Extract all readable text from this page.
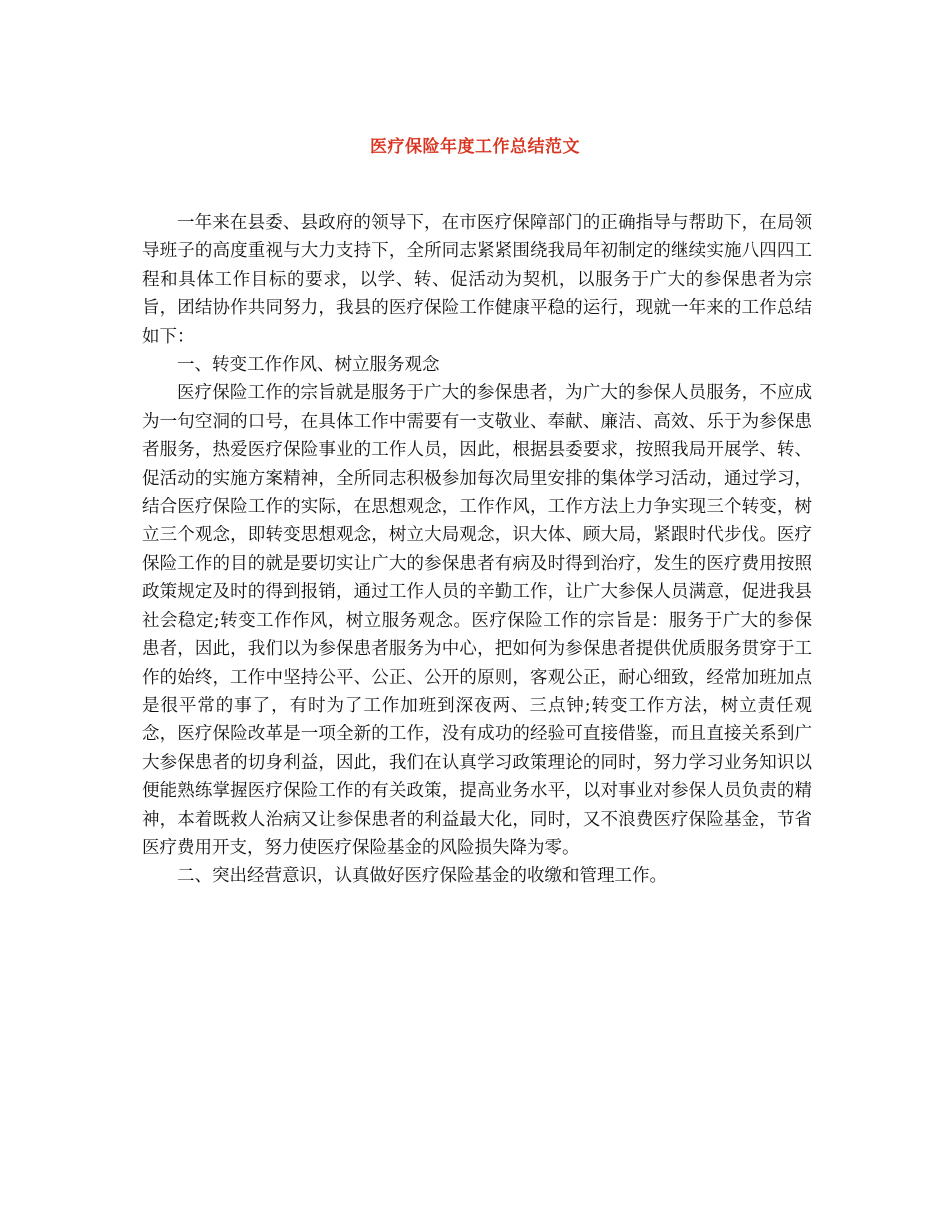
医疗保险年度工作总结范文

一年来在县委、县政府的领导下，在市医疗保障部门的正确指导与帮助下，在局领导班子的高度重视与大力支持下，全所同志紧紧围绕我局年初制定的继续实施八四四工程和具体工作目标的要求，以学、转、促活动为契机，以服务于广大的参保患者为宗旨，团结协作共同努力，我县的医疗保险工作健康平稳的运行，现就一年来的工作总结如下：

一、转变工作作风、树立服务观念

医疗保险工作的宗旨就是服务于广大的参保患者，为广大的参保人员服务，不应成为一句空洞的口号，在具体工作中需要有一支敬业、奉献、廉洁、高效、乐于为参保患者服务，热爱医疗保险事业的工作人员，因此，根据县委要求，按照我局开展学、转、促活动的实施方案精神，全所同志积极参加每次局里安排的集体学习活动，通过学习，结合医疗保险工作的实际，在思想观念，工作作风，工作方法上力争实现三个转变，树立三个观念，即转变思想观念，树立大局观念，识大体、顾大局，紧跟时代步伐。医疗保险工作的目的就是要切实让广大的参保患者有病及时得到治疗，发生的医疗费用按照政策规定及时的得到报销，通过工作人员的辛勤工作，让广大参保人员满意，促进我县社会稳定;转变工作作风，树立服务观念。医疗保险工作的宗旨是：服务于广大的参保患者，因此，我们以为参保患者服务为中心，把如何为参保患者提供优质服务贯穿于工作的始终，工作中坚持公平、公正、公开的原则，客观公正，耐心细致，经常加班加点是很平常的事了，有时为了工作加班到深夜两、三点钟;转变工作方法，树立责任观念，医疗保险改革是一项全新的工作，没有成功的经验可直接借鉴，而且直接关系到广大参保患者的切身利益，因此，我们在认真学习政策理论的同时，努力学习业务知识以便能熟练掌握医疗保险工作的有关政策，提高业务水平，以对事业对参保人员负责的精神，本着既救人治病又让参保患者的利益最大化，同时，又不浪费医疗保险基金，节省医疗费用开支，努力使医疗保险基金的风险损失降为零。

二、突出经营意识，认真做好医疗保险基金的收缴和管理工作。
